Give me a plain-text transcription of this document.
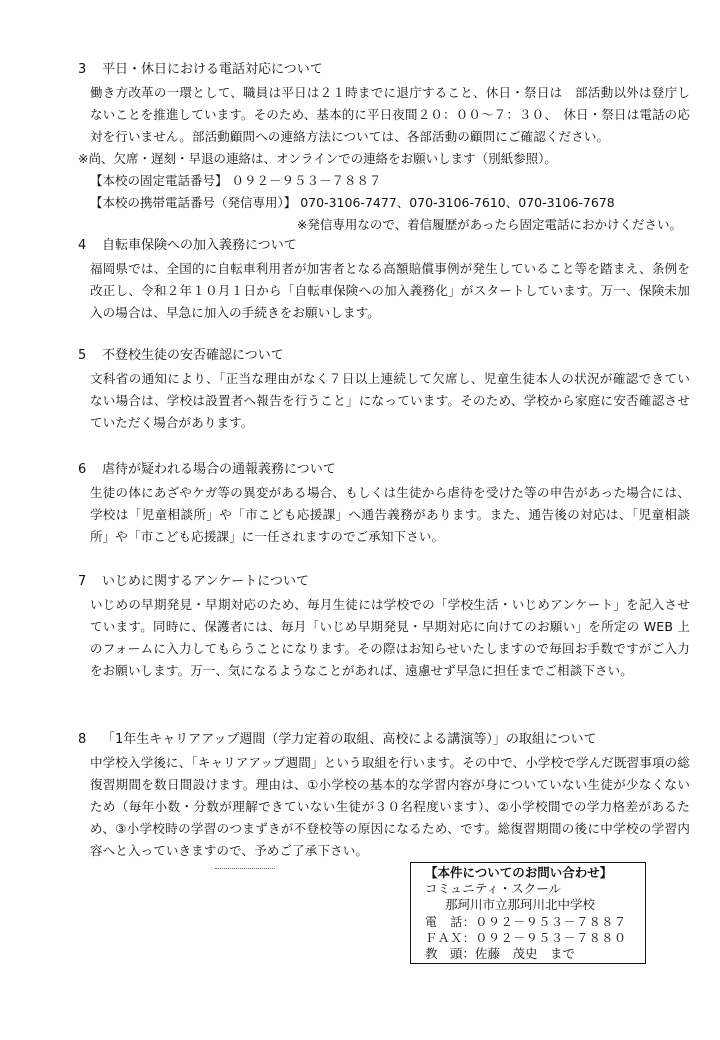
3 平日・休日における電話対応について
働き方改革の一環として、職員は平日は２１時までに退庁すること、休日・祭日は　部活動以外は登庁しないことを推進しています。そのため、基本的に平日夜間２０：００～７：３０、　休日・祭日は電話の応対を行いません。部活動顧問への連絡方法については、各部活動の顧問にご確認ください。
※尚、欠席・遅刻・早退の連絡は、オンラインでの連絡をお願いします（別紙参照）。
【本校の固定電話番号】 ０９２－９５３－７８８７
【本校の携帯電話番号（発信専用）】 070-3106-7477、070-3106-7610、070-3106-7678
※発信専用なので、着信履歴があったら固定電話におかけください。
4 自転車保険への加入義務について
福岡県では、全国的に自転車利用者が加害者となる高額賠償事例が発生していること等を踏まえ、条例を改正し、令和２年１０月１日から「自転車保険への加入義務化」がスタートしています。万一、保険未加入の場合は、早急に加入の手続きをお願いします。
5 不登校生徒の安否確認について
文科省の通知により、「正当な理由がなく７日以上連続して欠席し、児童生徒本人の状況が確認できていない場合は、学校は設置者へ報告を行うこと」になっています。そのため、学校から家庭に安否確認させていただく場合があります。
6 虐待が疑われる場合の通報義務について
生徒の体にあざやケガ等の異変がある場合、もしくは生徒から虐待を受けた等の申告があった場合には、学校は「児童相談所」や「市こども応援課」へ通告義務があります。また、通告後の対応は、「児童相談所」や「市こども応援課」に一任されますのでご承知下さい。
7 いじめに関するアンケートについて
いじめの早期発見・早期対応のため、毎月生徒には学校での「学校生活・いじめアンケート」を記入させています。同時に、保護者には、毎月「いじめ早期発見・早期対応に向けてのお願い」を所定の WEB 上のフォームに入力してもらうことになります。その際はお知らせいたしますので毎回お手数ですがご入力をお願いします。万一、気になるようなことがあれば、遠慮せず早急に担任までご相談下さい。
8 「1年生キャリアアップ週間（学力定着の取組、高校による講演等）」の取組について
中学校入学後に、「キャリアアップ週間」という取組を行います。その中で、小学校で学んだ既習事項の総復習期間を数日間設けます。理由は、①小学校の基本的な学習内容が身についていない生徒が少なくないため（毎年小数・分数が理解できていない生徒が３０名程度います）、②小学校間での学力格差があるため、③小学校時の学習のつまずきが不登校等の原因になるため、です。総復習期間の後に中学校の学習内容へと入っていきますので、予めご了承下さい。
【本件についてのお問い合わせ】
コミュニティ・スクール
那珂川市立那珂川北中学校
電　話：０９２－９５３－７８８７
ＦＡＸ：０９２－９５３－７８８０
教　頭：佐藤　茂史　まで
